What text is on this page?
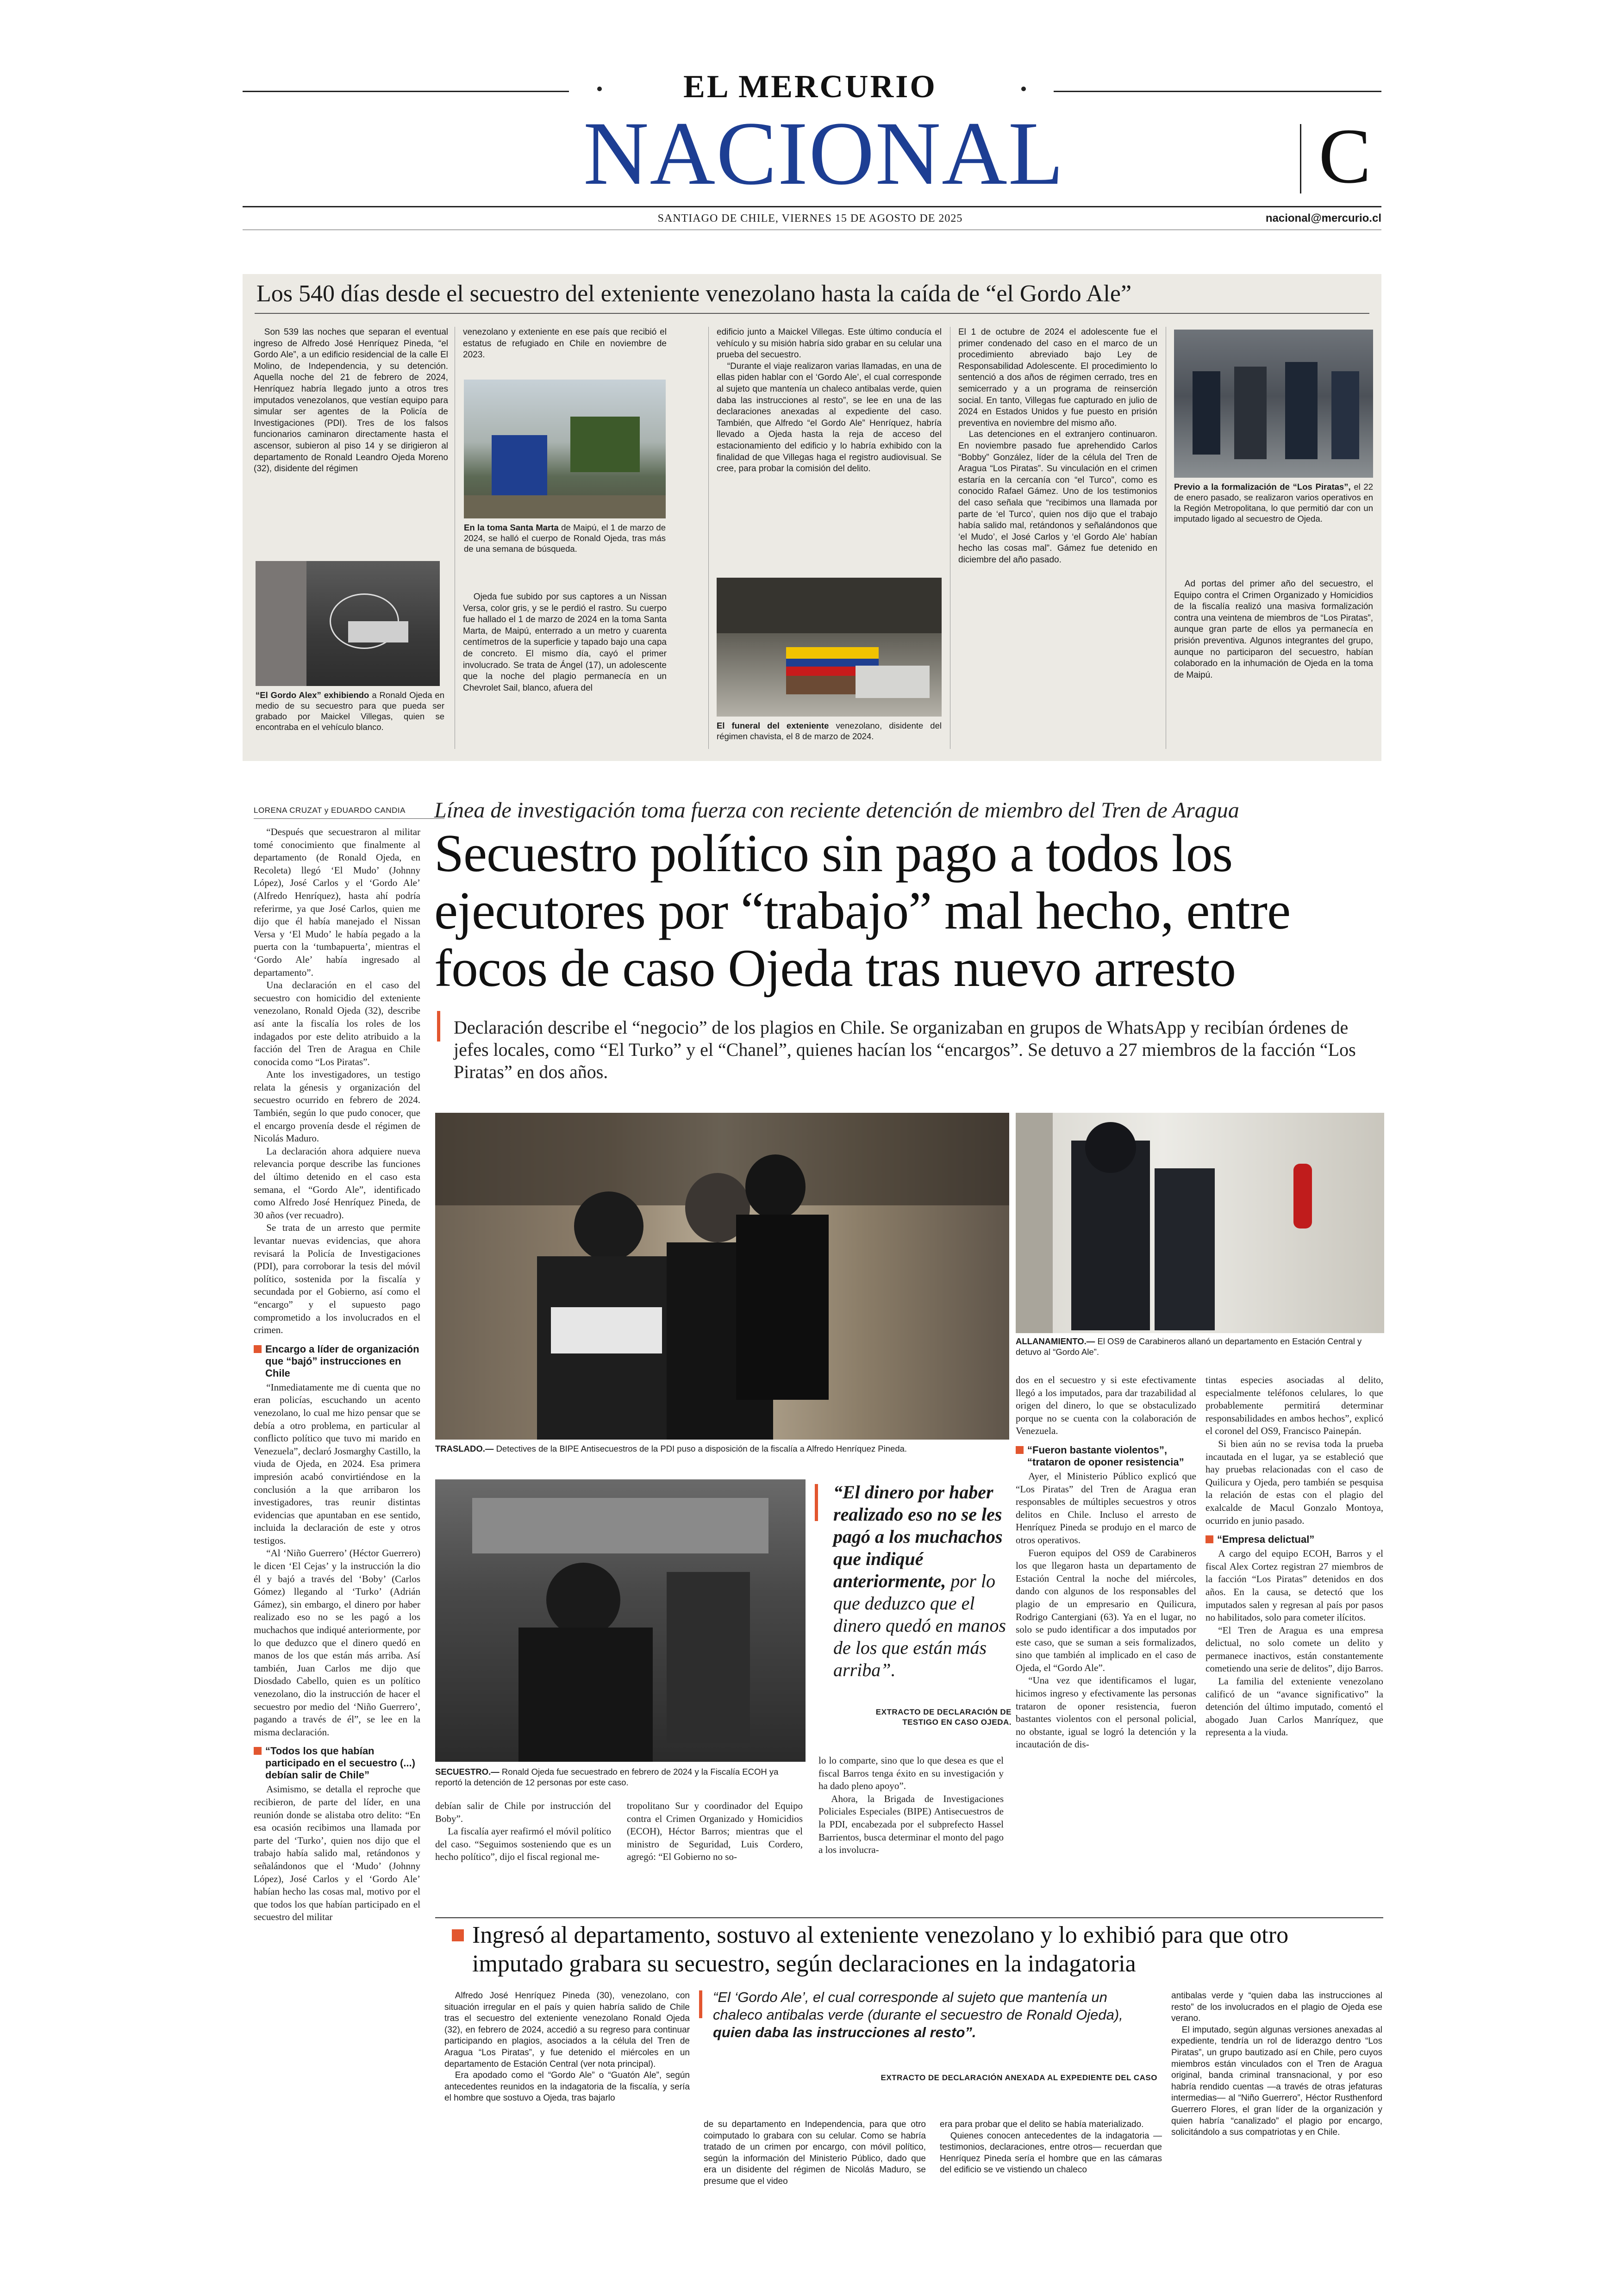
EL MERCURIO
NACIONAL	C
SANTIAGO DE CHILE, VIERNES 15 DE AGOSTO DE 2025	nacional@mercurio.cl
Los 540 días desde el secuestro del exteniente venezolano hasta la caída de “el Gordo Ale”

Son 539 las noches que separan el eventual ingreso de Alfredo José Henríquez Pineda, “el Gordo Ale”, a un edificio residencial de la calle El Molino, de Independencia, y su detención. Aquella noche del 21 de febrero de 2024, Henríquez habría llegado junto a otros tres imputados venezolanos, que vestían equipo para simular ser agentes de la Policía de Investigaciones (PDI). Tres de los falsos funcionarios caminaron directamente hasta el ascensor, subieron al piso 14 y se dirigieron al departamento de Ronald Leandro Ojeda Moreno (32), disidente del régimen

“El Gordo Alex” exhibiendo a Ronald Ojeda en medio de su secuestro para que pueda ser grabado por Maickel Villegas, quien se encontraba en el vehículo blanco.

venezolano y exteniente en ese país que recibió el estatus de refugiado en Chile en noviembre de 2023.

En la toma Santa Marta de Maipú, el 1 de marzo de 2024, se halló el cuerpo de Ronald Ojeda, tras más de una semana de búsqueda.

Ojeda fue subido por sus captores a un Nissan Versa, color gris, y se le perdió el rastro. Su cuerpo fue hallado el 1 de marzo de 2024 en la toma Santa Marta, de Maipú, enterrado a un metro y cuarenta centímetros de la superficie y tapado bajo una capa de concreto. El mismo día, cayó el primer involucrado. Se trata de Ángel (17), un adolescente que la noche del plagio permanecía en un Chevrolet Sail, blanco, afuera del

edificio junto a Maickel Villegas. Este último conducía el vehículo y su misión habría sido grabar en su celular una prueba del secuestro.

“Durante el viaje realizaron varias llamadas, en una de ellas piden hablar con el ‘Gordo Ale’, el cual corresponde al sujeto que mantenía un chaleco antibalas verde, quien daba las instrucciones al resto”, se lee en una de las declaraciones anexadas al expediente del caso. También, que Alfredo “el Gordo Ale” Henríquez, habría llevado a Ojeda hasta la reja de acceso del estacionamiento del edificio y lo habría exhibido con la finalidad de que Villegas haga el registro audiovisual. Se cree, para probar la comisión del delito.

El funeral del exteniente venezolano, disidente del régimen chavista, el 8 de marzo de 2024.

El 1 de octubre de 2024 el adolescente fue el primer condenado del caso en el marco de un procedimiento abreviado bajo Ley de Responsabilidad Adolescente. El procedimiento lo sentenció a dos años de régimen cerrado, tres en semicerrado y a un programa de reinserción social. En tanto, Villegas fue capturado en julio de 2024 en Estados Unidos y fue puesto en prisión preventiva en noviembre del mismo año.

Las detenciones en el extranjero continuaron. En noviembre pasado fue aprehendido Carlos “Bobby” González, líder de la célula del Tren de Aragua “Los Piratas”. Su vinculación en el crimen estaría en la cercanía con “el Turco”, como es conocido Rafael Gámez. Uno de los testimonios del caso señala que “recibimos una llamada por parte de ‘el Turco’, quien nos dijo que el trabajo había salido mal, retándonos y señalándonos que ‘el Mudo’, el José Carlos y ‘el Gordo Ale’ habían hecho las cosas mal”. Gámez fue detenido en diciembre del año pasado.

Previo a la formalización de “Los Piratas”, el 22 de enero pasado, se realizaron varios operativos en la Región Metropolitana, lo que permitió dar con un imputado ligado al secuestro de Ojeda.

Ad portas del primer año del secuestro, el Equipo contra el Crimen Organizado y Homicidios de la fiscalía realizó una masiva formalización contra una veintena de miembros de “Los Piratas”, aunque gran parte de ellos ya permanecía en prisión preventiva. Algunos integrantes del grupo, aunque no participaron del secuestro, habían colaborado en la inhumación de Ojeda en la toma de Maipú.

LORENA CRUZAT y EDUARDO CANDIA	Línea de investigación toma fuerza con reciente detención de miembro del Tren de Aragua
Secuestro político sin pago a todos los ejecutores por “trabajo” mal hecho, entre focos de caso Ojeda tras nuevo arresto
Declaración describe el “negocio” de los plagios en Chile. Se organizaban en grupos de WhatsApp y recibían órdenes de jefes locales, como “El Turko” y el “Chanel”, quienes hacían los “encargos”. Se detuvo a 27 miembros de la facción “Los Piratas” en dos años.

“Después que secuestraron al militar tomé conocimiento que finalmente al departamento (de Ronald Ojeda, en Recoleta) llegó ‘El Mudo’ (Johnny López), José Carlos y el ‘Gordo Ale’ (Alfredo Henríquez), hasta ahí podría referirme, ya que José Carlos, quien me dijo que él había manejado el Nissan Versa y ‘El Mudo’ le había pegado a la puerta con la ‘tumbapuerta’, mientras el ‘Gordo Ale’ había ingresado al departamento”.

Una declaración en el caso del secuestro con homicidio del exteniente venezolano, Ronald Ojeda (32), describe así ante la fiscalía los roles de los indagados por este delito atribuido a la facción del Tren de Aragua en Chile conocida como “Los Piratas”.

Ante los investigadores, un testigo relata la génesis y organización del secuestro ocurrido en febrero de 2024. También, según lo que pudo conocer, que el encargo provenía desde el régimen de Nicolás Maduro.

La declaración ahora adquiere nueva relevancia porque describe las funciones del último detenido en el caso esta semana, el “Gordo Ale”, identificado como Alfredo José Henríquez Pineda, de 30 años (ver recuadro).

Se trata de un arresto que permite levantar nuevas evidencias, que ahora revisará la Policía de Investigaciones (PDI), para corroborar la tesis del móvil político, sostenida por la fiscalía y secundada por el Gobierno, así como el “encargo” y el supuesto pago comprometido a los involucrados en el crimen.

Encargo a líder de organización que “bajó” instrucciones en Chile

“Inmediatamente me di cuenta que no eran policías, escuchando un acento venezolano, lo cual me hizo pensar que se debía a otro problema, en particular al conflicto político que tuvo mi marido en Venezuela”, declaró Josmarghy Castillo, la viuda de Ojeda, en 2024. Esa primera impresión acabó convirtiéndose en la conclusión a la que arribaron los investigadores, tras reunir distintas evidencias que apuntaban en ese sentido, incluida la declaración de este y otros testigos.

“Al ‘Niño Guerrero’ (Héctor Guerrero) le dicen ‘El Cejas’ y la instrucción la dio él y bajó a través del ‘Boby’ (Carlos Gómez) llegando al ‘Turko’ (Adrián Gámez), sin embargo, el dinero por haber realizado eso no se les pagó a los muchachos que indiqué anteriormente, por lo que deduzco que el dinero quedó en manos de los que están más arriba. Así también, Juan Carlos me dijo que Diosdado Cabello, quien es un político venezolano, dio la instrucción de hacer el secuestro por medio del ‘Niño Guerrero’, pagando a través de él”, se lee en la misma declaración.

“Todos los que habían participado en el secuestro (...) debían salir de Chile”

Asimismo, se detalla el reproche que recibieron, de parte del líder, en una reunión donde se alistaba otro delito: “En esa ocasión recibimos una llamada por parte del ‘Turko’, quien nos dijo que el trabajo había salido mal, retándonos y señalándonos que el ‘Mudo’ (Johnny López), José Carlos y el ‘Gordo Ale’ habían hecho las cosas mal, motivo por el que todos los que habían participado en el secuestro del militar

TRASLADO.— Detectives de la BIPE Antisecuestros de la PDI puso a disposición de la fiscalía a Alfredo Henríquez Pineda.
ALLANAMIENTO.— El OS9 de Carabineros allanó un departamento en Estación Central y detuvo al “Gordo Ale”.
SECUESTRO.— Ronald Ojeda fue secuestrado en febrero de 2024 y la Fiscalía ECOH ya reportó la detención de 12 personas por este caso.
“El dinero por haber realizado eso no se les pagó a los muchachos que indiqué anteriormente, por lo que deduzco que el dinero quedó en manos de los que están más arriba”.
EXTRACTO DE DECLARACIÓN DE TESTIGO EN CASO OJEDA.

debían salir de Chile por instrucción del Boby”.

La fiscalía ayer reafirmó el móvil político del caso. “Seguimos sosteniendo que es un hecho político”, dijo el fiscal regional me-

tropolitano Sur y coordinador del Equipo contra el Crimen Organizado y Homicidios (ECOH), Héctor Barros; mientras que el ministro de Seguridad, Luis Cordero, agregó: “El Gobierno no so-

lo lo comparte, sino que lo que desea es que el fiscal Barros tenga éxito en su investigación y ha dado pleno apoyo”.

Ahora, la Brigada de Investigaciones Policiales Especiales (BIPE) Antisecuestros de la PDI, encabezada por el subprefecto Hassel Barrientos, busca determinar el monto del pago a los involucra-

dos en el secuestro y si este efectivamente llegó a los imputados, para dar trazabilidad al origen del dinero, lo que se obstaculizado porque no se cuenta con la colaboración de Venezuela.

“Fueron bastante violentos”, “trataron de oponer resistencia”

Ayer, el Ministerio Público explicó que “Los Piratas” del Tren de Aragua eran responsables de múltiples secuestros y otros delitos en Chile. Incluso el arresto de Henríquez Pineda se produjo en el marco de otros operativos.

Fueron equipos del OS9 de Carabineros los que llegaron hasta un departamento de Estación Central la noche del miércoles, dando con algunos de los responsables del plagio de un empresario en Quilicura, Rodrigo Cantergiani (63). Ya en el lugar, no solo se pudo identificar a dos imputados por este caso, que se suman a seis formalizados, sino que también al implicado en el caso de Ojeda, el “Gordo Ale”.

“Una vez que identificamos el lugar, hicimos ingreso y efectivamente las personas trataron de oponer resistencia, fueron bastantes violentos con el personal policial, no obstante, igual se logró la detención y la incautación de dis-

tintas especies asociadas al delito, especialmente teléfonos celulares, lo que probablemente permitirá determinar responsabilidades en ambos hechos”, explicó el coronel del OS9, Francisco Painepán.

Si bien aún no se revisa toda la prueba incautada en el lugar, ya se estableció que hay pruebas relacionadas con el caso de Quilicura y Ojeda, pero también se pesquisa la relación de estas con el plagio del exalcalde de Macul Gonzalo Montoya, ocurrido en junio pasado.

“Empresa delictual”

A cargo del equipo ECOH, Barros y el fiscal Alex Cortez registran 27 miembros de la facción “Los Piratas” detenidos en dos años. En la causa, se detectó que los imputados salen y regresan al país por pasos no habilitados, solo para cometer ilícitos.

“El Tren de Aragua es una empresa delictual, no solo comete un delito y permanece inactivos, están constantemente cometiendo una serie de delitos”, dijo Barros.

La familia del exteniente venezolano calificó de un “avance significativo” la detención del último imputado, comentó el abogado Juan Carlos Manríquez, que representa a la viuda.

Ingresó al departamento, sostuvo al exteniente venezolano y lo exhibió para que otro imputado grabara su secuestro, según declaraciones en la indagatoria

Alfredo José Henríquez Pineda (30), venezolano, con situación irregular en el país y quien habría salido de Chile tras el secuestro del exteniente venezolano Ronald Ojeda (32), en febrero de 2024, accedió a su regreso para continuar participando en plagios, asociados a la célula del Tren de Aragua “Los Piratas”, y fue detenido el miércoles en un departamento de Estación Central (ver nota principal).

Era apodado como el “Gordo Ale” o “Guatón Ale”, según antecedentes reunidos en la indagatoria de la fiscalía, y sería el hombre que sostuvo a Ojeda, tras bajarlo

“El ‘Gordo Ale’, el cual corresponde al sujeto que mantenía un chaleco antibalas verde (durante el secuestro de Ronald Ojeda), quien daba las instrucciones al resto”.
EXTRACTO DE DECLARACIÓN ANEXADA AL EXPEDIENTE DEL CASO

de su departamento en Independencia, para que otro coimputado lo grabara con su celular. Como se habría tratado de un crimen por encargo, con móvil político, según la información del Ministerio Público, dado que era un disidente del régimen de Nicolás Maduro, se presume que el video

era para probar que el delito se había materializado.

Quienes conocen antecedentes de la indagatoria —testimonios, declaraciones, entre otros— recuerdan que Henríquez Pineda sería el hombre que en las cámaras del edificio se ve vistiendo un chaleco

antibalas verde y “quien daba las instrucciones al resto” de los involucrados en el plagio de Ojeda ese verano.

El imputado, según algunas versiones anexadas al expediente, tendría un rol de liderazgo dentro “Los Piratas”, un grupo bautizado así en Chile, pero cuyos miembros están vinculados con el Tren de Aragua original, banda criminal transnacional, y por eso habría rendido cuentas —a través de otras jefaturas intermedias— al “Niño Guerrero”, Héctor Rusthenford Guerrero Flores, el gran líder de la organización y quien habría “canalizado” el plagio por encargo, solicitándolo a sus compatriotas y en Chile.
